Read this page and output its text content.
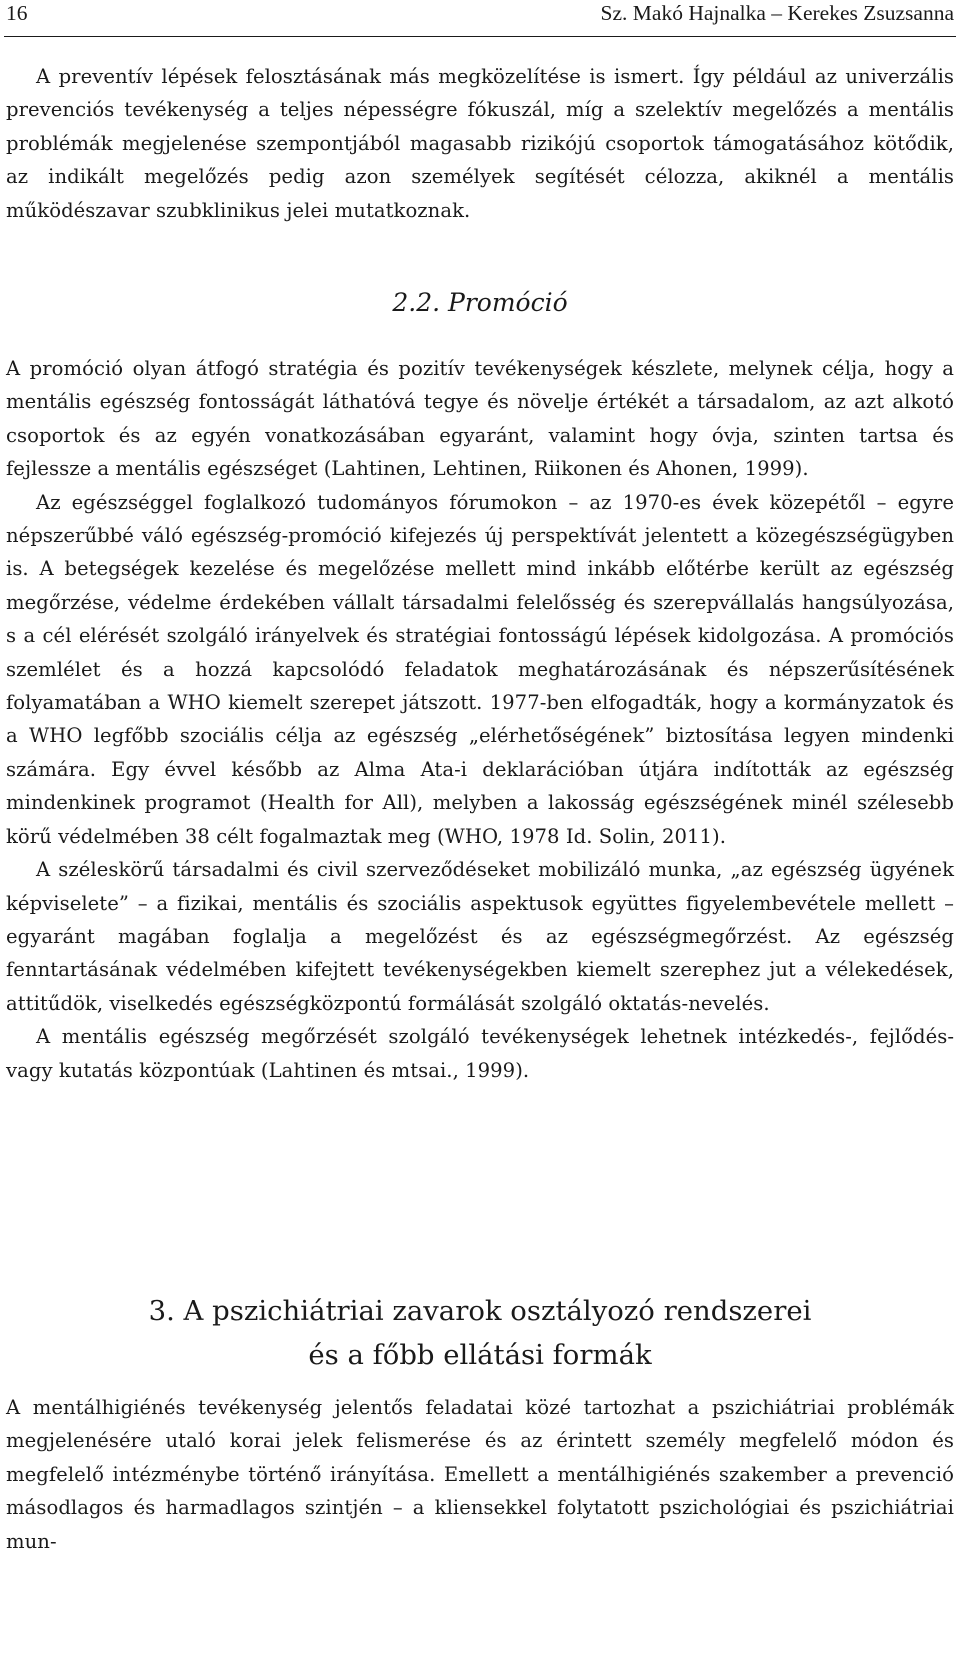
16	Sz. Makó Hajnalka – Kerekes Zsuzsanna

A preventív lépések felosztásának más megközelítése is ismert. Így például az univerzális prevenciós tevékenység a teljes népességre fókuszál, míg a szelektív megelőzés a mentális problémák megjelenése szempontjából magasabb rizikójú csoportok támogatásához kötődik, az indikált megelőzés pedig azon személyek segítését célozza, akiknél a mentális működészavar szubklinikus jelei mutatkoznak.

2.2. Promóció

A promóció olyan átfogó stratégia és pozitív tevékenységek készlete, melynek célja, hogy a mentális egészség fontosságát láthatóvá tegye és növelje értékét a társadalom, az azt alkotó csoportok és az egyén vonatkozásában egyaránt, valamint hogy óvja, szinten tartsa és fejlessze a mentális egészséget (Lahtinen, Lehtinen, Riikonen és Ahonen, 1999).

Az egészséggel foglalkozó tudományos fórumokon – az 1970-es évek közepétől – egyre népszerűbbé váló egészség-promóció kifejezés új perspektívát jelentett a közegészségügyben is. A betegségek kezelése és megelőzése mellett mind inkább előtérbe került az egészség megőrzése, védelme érdekében vállalt társadalmi felelősség és szerepvállalás hangsúlyozása, s a cél elérését szolgáló irányelvek és stratégiai fontosságú lépések kidolgozása. A promóciós szemlélet és a hozzá kapcsolódó feladatok meghatározásának és népszerűsítésének folyamatában a WHO kiemelt szerepet játszott. 1977-ben elfogadták, hogy a kormányzatok és a WHO legfőbb szociális célja az egészség „elérhetőségének” biztosítása legyen mindenki számára. Egy évvel később az Alma Ata-i deklarációban útjára indították az egészség mindenkinek programot (Health for All), melyben a lakosság egészségének minél szélesebb körű védelmében 38 célt fogalmaztak meg (WHO, 1978 Id. Solin, 2011).

A széleskörű társadalmi és civil szerveződéseket mobilizáló munka, „az egészség ügyének képviselete” – a fizikai, mentális és szociális aspektusok együttes figyelembevétele mellett – egyaránt magában foglalja a megelőzést és az egészségmegőrzést. Az egészség fenntartásának védelmében kifejtett tevékenységekben kiemelt szerephez jut a vélekedések, attitűdök, viselkedés egészségközpontú formálását szolgáló oktatás-nevelés.

A mentális egészség megőrzését szolgáló tevékenységek lehetnek intézkedés-, fejlődés- vagy kutatás központúak (Lahtinen és mtsai., 1999).

3. A pszichiátriai zavarok osztályozó rendszerei
és a főbb ellátási formák

A mentálhigiénés tevékenység jelentős feladatai közé tartozhat a pszichiátriai problémák megjelenésére utaló korai jelek felismerése és az érintett személy megfelelő módon és megfelelő intézménybe történő irányítása. Emellett a mentálhigiénés szakember a prevenció másodlagos és harmadlagos szintjén – a kliensekkel folytatott pszichológiai és pszichiátriai mun-
